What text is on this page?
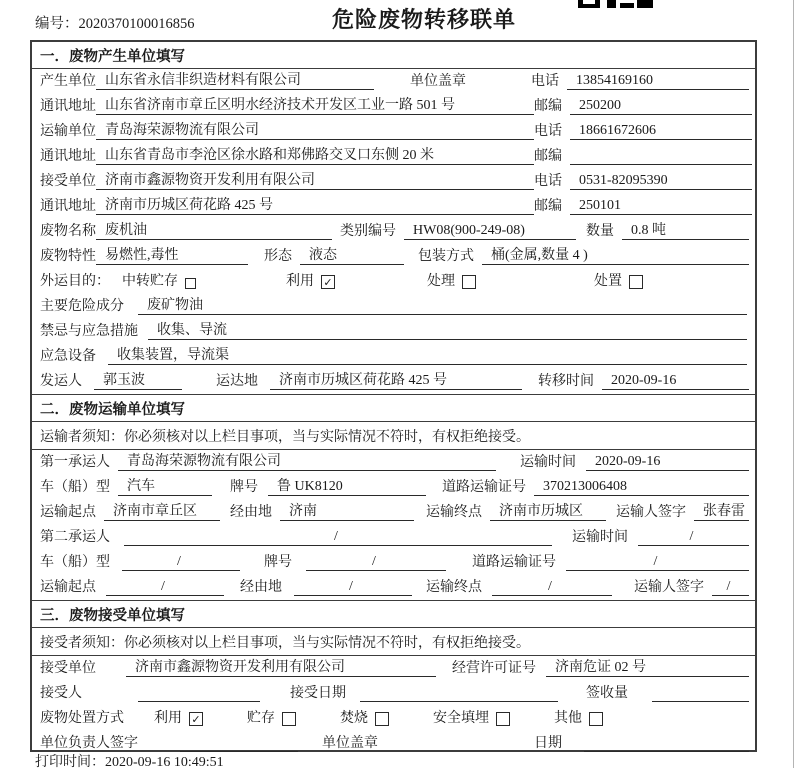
编号：2020370100016856	危险废物转移联单
一．废物产生单位填写
产生单位 山东省永信非织造材料有限公司	单位盖章	电话	13854169160
通讯地址 山东省济南市章丘区明水经济技术开发区工业一路 501 号	邮编	250200
运输单位 青岛海荣源物流有限公司	电话	18661672606
通讯地址 山东省青岛市李沧区徐水路和郑佛路交叉口东侧 20 米	邮编
接受单位 济南市鑫源物资开发利用有限公司	电话	0531-82095390
通讯地址 济南市历城区荷花路 425 号	邮编	250101
废物名称 废机油	类别编号	HW08(900-249-08)	数量	0.8 吨
废物特性 易燃性,毒性	形态	液态	包装方式	桶(金属,数量 4 )
外运目的： 中转贮存	利用 ✓	处理	处置
主要危险成分	废矿物油
禁忌与应急措施	收集、导流
应急设备	收集装置，导流渠
发运人	郭玉波	运达地	济南市历城区荷花路 425 号	转移时间	2020-09-16
二．废物运输单位填写
运输者须知：你必须核对以上栏目事项，当与实际情况不符时，有权拒绝接受。
第一承运人	青岛海荣源物流有限公司	运输时间	2020-09-16
车（船）型	汽车	牌号	鲁 UK8120	道路运输证号	370213006408
运输起点	济南市章丘区	经由地	济南	运输终点	济南市历城区	运输人签字	张春雷
第二承运人	/	运输时间	/
车（船）型	/	牌号	/	道路运输证号	/
运输起点	/	经由地	/	运输终点	/	运输人签字	/
三．废物接受单位填写
接受者须知：你必须核对以上栏目事项，当与实际情况不符时，有权拒绝接受。
接受单位	济南市鑫源物资开发利用有限公司	经营许可证号	济南危证 02 号
接受人	接受日期	签收量
废物处置方式 利用 ✓	贮存	焚烧	安全填埋	其他
单位负责人签字	单位盖章	日期
打印时间：2020-09-16 10:49:51
